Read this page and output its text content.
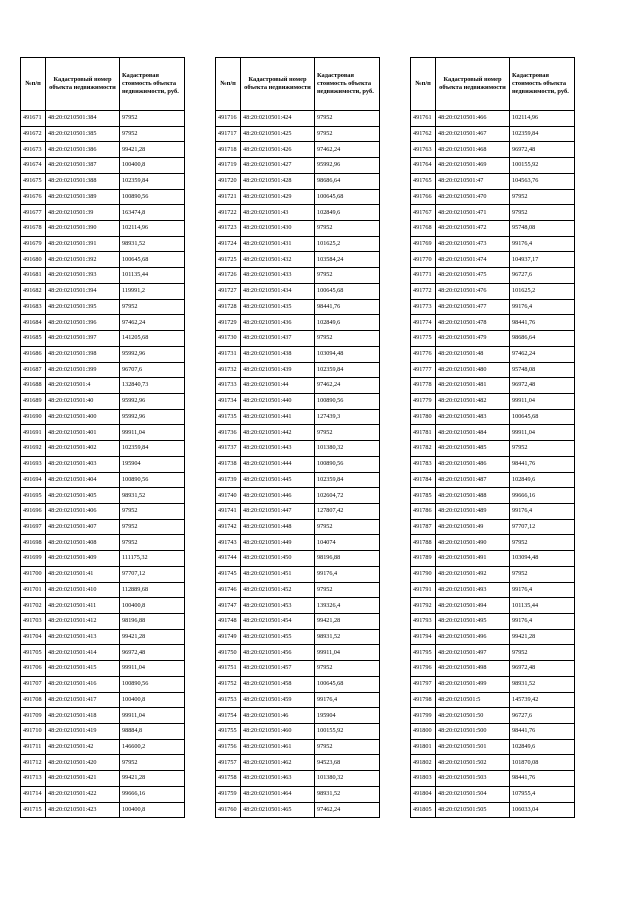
№п/п	Кадастровый номер объекта недвижимости	Кадастровая стоимость объекта недвижимости, руб.
491671	48:20:0210501:384	97952
491672	48:20:0210501:385	97952
491673	48:20:0210501:386	99421,28
491674	48:20:0210501:387	100400,8
491675	48:20:0210501:388	102359,84
491676	48:20:0210501:389	100890,56
491677	48:20:0210501:39	163474,8
491678	48:20:0210501:390	102114,96
491679	48:20:0210501:391	98931,52
491680	48:20:0210501:392	100645,68
491681	48:20:0210501:393	101135,44
491682	48:20:0210501:394	119991,2
491683	48:20:0210501:395	97952
491684	48:20:0210501:396	97462,24
491685	48:20:0210501:397	141205,68
491686	48:20:0210501:398	95992,96
491687	48:20:0210501:399	96707,6
491688	48:20:0210501:4	132840,73
491689	48:20:0210501:40	95992,96
491690	48:20:0210501:400	95992,96
491691	48:20:0210501:401	99911,04
491692	48:20:0210501:402	102359,84
491693	48:20:0210501:403	195904
491694	48:20:0210501:404	100890,56
491695	48:20:0210501:405	98931,52
491696	48:20:0210501:406	97952
491697	48:20:0210501:407	97952
491698	48:20:0210501:408	97952
491699	48:20:0210501:409	111175,32
491700	48:20:0210501:41	97707,12
491701	48:20:0210501:410	112889,68
491702	48:20:0210501:411	100400,8
491703	48:20:0210501:412	98196,88
491704	48:20:0210501:413	99421,28
491705	48:20:0210501:414	96972,48
491706	48:20:0210501:415	99911,04
491707	48:20:0210501:416	100890,56
491708	48:20:0210501:417	100400,8
491709	48:20:0210501:418	99911,04
491710	48:20:0210501:419	98884,8
491711	48:20:0210501:42	146600,2
491712	48:20:0210501:420	97952
491713	48:20:0210501:421	99421,28
491714	48:20:0210501:422	99666,16
491715	48:20:0210501:423	100400,8
№п/п	Кадастровый номер объекта недвижимости	Кадастровая стоимость объекта недвижимости, руб.
491716	48:20:0210501:424	97952
491717	48:20:0210501:425	97952
491718	48:20:0210501:426	97462,24
491719	48:20:0210501:427	95992,96
491720	48:20:0210501:428	98686,64
491721	48:20:0210501:429	100645,68
491722	48:20:0210501:43	102849,6
491723	48:20:0210501:430	97952
491724	48:20:0210501:431	101625,2
491725	48:20:0210501:432	103584,24
491726	48:20:0210501:433	97952
491727	48:20:0210501:434	100645,68
491728	48:20:0210501:435	98441,76
491729	48:20:0210501:436	102849,6
491730	48:20:0210501:437	97952
491731	48:20:0210501:438	103094,48
491732	48:20:0210501:439	102359,84
491733	48:20:0210501:44	97462,24
491734	48:20:0210501:440	100890,56
491735	48:20:0210501:441	127439,3
491736	48:20:0210501:442	97952
491737	48:20:0210501:443	101380,32
491738	48:20:0210501:444	100890,56
491739	48:20:0210501:445	102359,84
491740	48:20:0210501:446	102604,72
491741	48:20:0210501:447	127807,42
491742	48:20:0210501:448	97952
491743	48:20:0210501:449	104074
491744	48:20:0210501:450	98196,88
491745	48:20:0210501:451	99176,4
491746	48:20:0210501:452	97952
491747	48:20:0210501:453	139326,4
491748	48:20:0210501:454	99421,28
491749	48:20:0210501:455	98931,52
491750	48:20:0210501:456	99911,04
491751	48:20:0210501:457	97952
491752	48:20:0210501:458	100645,68
491753	48:20:0210501:459	99176,4
491754	48:20:0210501:46	195904
491755	48:20:0210501:460	100155,92
491756	48:20:0210501:461	97952
491757	48:20:0210501:462	94523,68
491758	48:20:0210501:463	101380,32
491759	48:20:0210501:464	98931,52
491760	48:20:0210501:465	97462,24
№п/п	Кадастровый номер объекта недвижимости	Кадастровая стоимость объекта недвижимости, руб.
491761	48:20:0210501:466	102114,96
491762	48:20:0210501:467	102359,84
491763	48:20:0210501:468	96972,48
491764	48:20:0210501:469	100155,92
491765	48:20:0210501:47	104563,76
491766	48:20:0210501:470	97952
491767	48:20:0210501:471	97952
491768	48:20:0210501:472	95748,08
491769	48:20:0210501:473	99176,4
491770	48:20:0210501:474	104937,17
491771	48:20:0210501:475	96727,6
491772	48:20:0210501:476	101625,2
491773	48:20:0210501:477	99176,4
491774	48:20:0210501:478	98441,76
491775	48:20:0210501:479	98686,64
491776	48:20:0210501:48	97462,24
491777	48:20:0210501:480	95748,08
491778	48:20:0210501:481	96972,48
491779	48:20:0210501:482	99911,04
491780	48:20:0210501:483	100645,68
491781	48:20:0210501:484	99911,04
491782	48:20:0210501:485	97952
491783	48:20:0210501:486	98441,76
491784	48:20:0210501:487	102849,6
491785	48:20:0210501:488	99666,16
491786	48:20:0210501:489	99176,4
491787	48:20:0210501:49	97707,12
491788	48:20:0210501:490	97952
491789	48:20:0210501:491	103094,48
491790	48:20:0210501:492	97952
491791	48:20:0210501:493	99176,4
491792	48:20:0210501:494	101135,44
491793	48:20:0210501:495	99176,4
491794	48:20:0210501:496	99421,28
491795	48:20:0210501:497	97952
491796	48:20:0210501:498	96972,48
491797	48:20:0210501:499	98931,52
491798	48:20:0210501:5	145739,42
491799	48:20:0210501:50	96727,6
491800	48:20:0210501:500	98441,76
491801	48:20:0210501:501	102849,6
491802	48:20:0210501:502	101870,08
491803	48:20:0210501:503	98441,76
491804	48:20:0210501:504	107955,4
491805	48:20:0210501:505	106033,04
